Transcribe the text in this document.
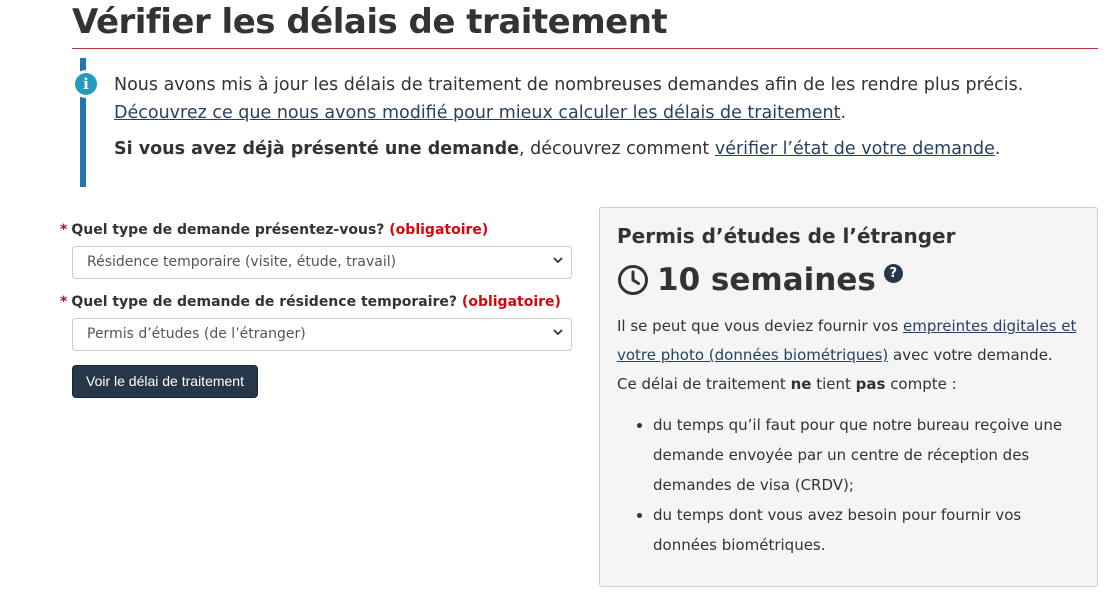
Vérifier les délais de traitement
i	Nous avons mis à jour les délais de traitement de nombreuses demandes afin de les rendre plus précis. Découvrez ce que nous avons modifié pour mieux calculer les délais de traitement.

Si vous avez déjà présenté une demande, découvrez comment vérifier l’état de votre demande.

* Quel type de demande présentez-vous? (obligatoire)
Résidence temporaire (visite, étude, travail)
* Quel type de demande de résidence temporaire? (obligatoire)
Permis d’études (de l’étranger)
Voir le délai de traitement
Permis d’études de l’étranger
10 semaines	?

Il se peut que vous deviez fournir vos empreintes digitales et votre photo (données biométriques) avec votre demande.

Ce délai de traitement ne tient pas compte :

• du temps qu’il faut pour que notre bureau reçoive une demande envoyée par un centre de réception des demandes de visa (CRDV);
• du temps dont vous avez besoin pour fournir vos données biométriques.
